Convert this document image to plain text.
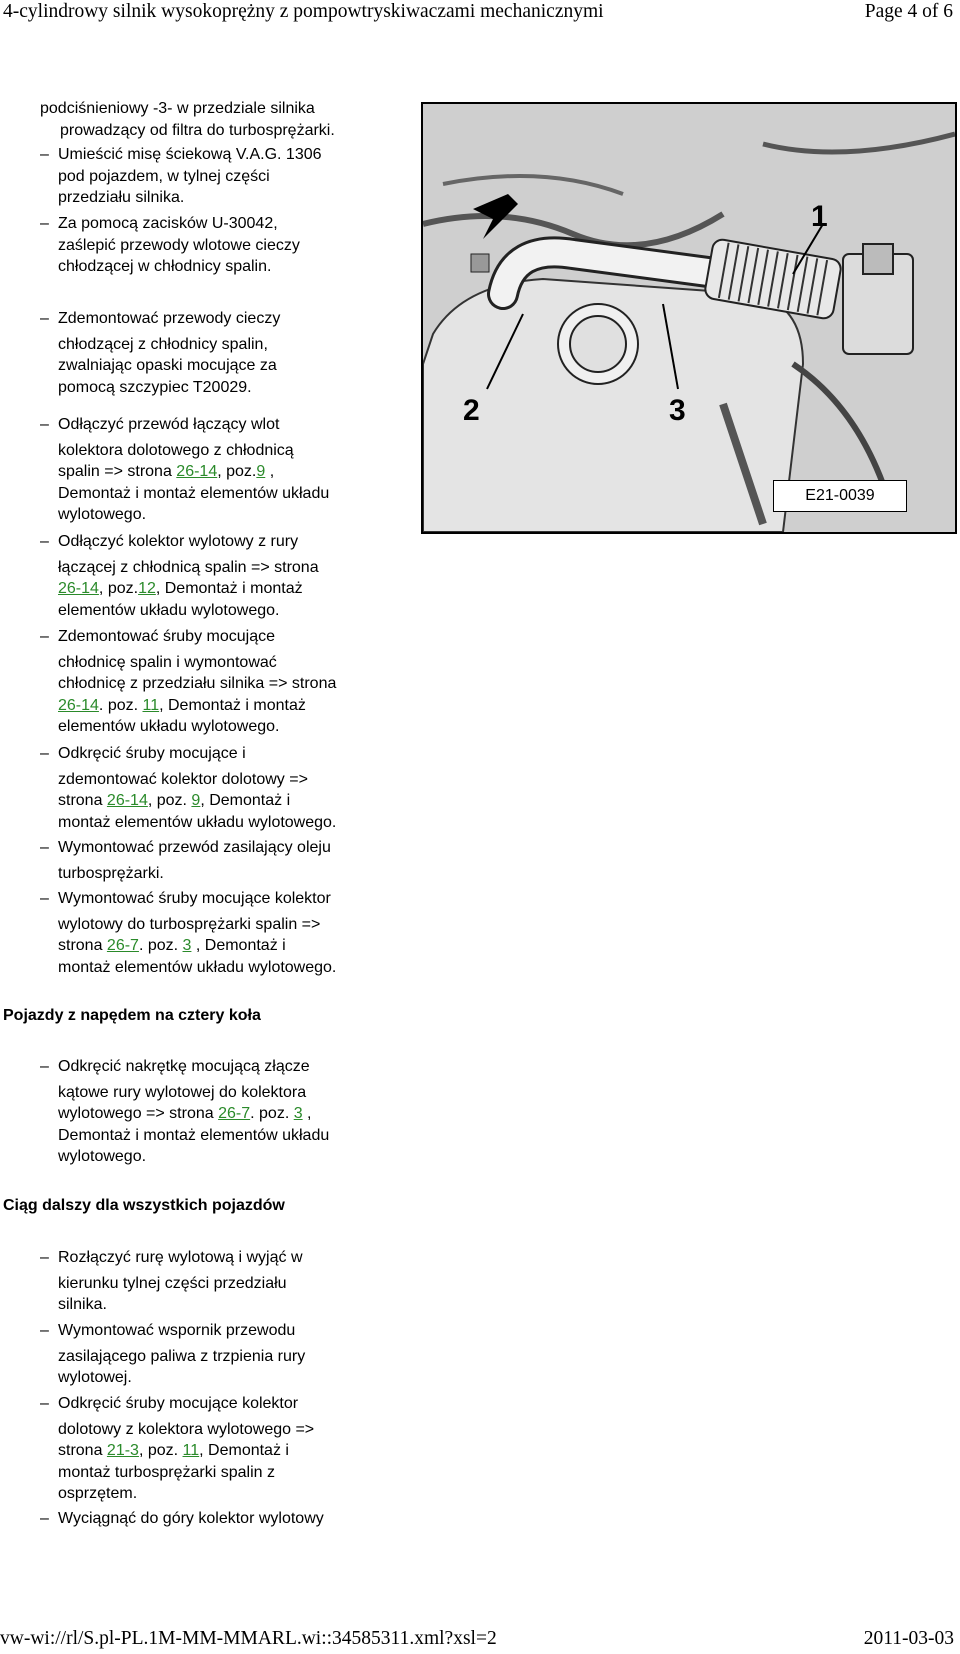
4-cylindrowy silnik wysokoprężny z pompowtryskiwaczami mechanicznymi	Page 4 of 6
podciśnieniowy -3- w przedziale silnika
prowadzący od filtra do turbosprężarki.
– Umieścić misę ściekową V.A.G. 1306
pod pojazdem, w tylnej części
przedziału silnika.
– Za pomocą zacisków U-30042,
zaślepić przewody wlotowe cieczy
chłodzącej w chłodnicy spalin.
– Zdemontować przewody cieczy
chłodzącej z chłodnicy spalin,
zwalniając opaski mocujące za
pomocą szczypiec T20029.
– Odłączyć przewód łączący wlot
kolektora dolotowego z chłodnicą
spalin => strona 26-14, poz.9 ,
Demontaż i montaż elementów układu
wylotowego.
– Odłączyć kolektor wylotowy z rury
łączącej z chłodnicą spalin => strona
26-14, poz.12, Demontaż i montaż
elementów układu wylotowego.
– Zdemontować śruby mocujące
chłodnicę spalin i wymontować
chłodnicę z przedziału silnika => strona
26-14. poz. 11, Demontaż i montaż
elementów układu wylotowego.
– Odkręcić śruby mocujące i
zdemontować kolektor dolotowy =>
strona 26-14, poz. 9, Demontaż i
montaż elementów układu wylotowego.
– Wymontować przewód zasilający oleju
turbosprężarki.
– Wymontować śruby mocujące kolektor
wylotowy do turbosprężarki spalin =>
strona 26-7. poz. 3 , Demontaż i
montaż elementów układu wylotowego.
Pojazdy z napędem na cztery koła
– Odkręcić nakrętkę mocującą złącze
kątowe rury wylotowej do kolektora
wylotowego => strona 26-7. poz. 3 ,
Demontaż i montaż elementów układu
wylotowego.
Ciąg dalszy dla wszystkich pojazdów
– Rozłączyć rurę wylotową i wyjąć w
kierunku tylnej części przedziału
silnika.
– Wymontować wspornik przewodu
zasilającego paliwa z trzpienia rury
wylotowej.
– Odkręcić śruby mocujące kolektor
dolotowy z kolektora wylotowego =>
strona 21-3, poz. 11, Demontaż i
montaż turbosprężarki spalin z
osprzętem.
– Wyciągnąć do góry kolektor wylotowy
1
2	3
E21-0039
vw-wi://rl/S.pl-PL.1M-MM-MMARL.wi::34585311.xml?xsl=2	2011-03-03
